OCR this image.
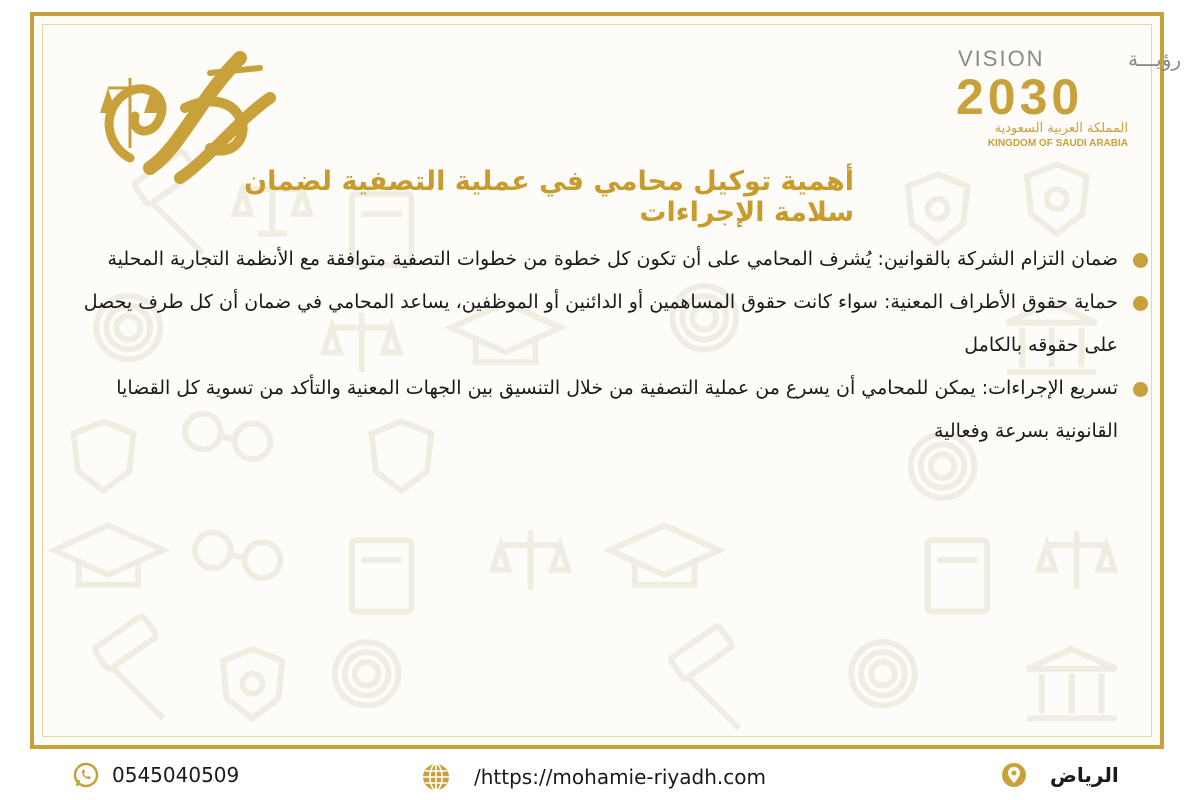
VISION	رؤيـــة
2030
المملكة العربية السعودية
KINGDOM OF SAUDI ARABIA
أهمية توكيل محامي في عملية التصفية لضمان سلامة الإجراءات
ضمان التزام الشركة بالقوانين: يُشرف المحامي على أن تكون كل خطوة من خطوات التصفية متوافقة مع الأنظمة التجارية المحلية
حماية حقوق الأطراف المعنية: سواء كانت حقوق المساهمين أو الدائنين أو الموظفين، يساعد المحامي في ضمان أن كل طرف يحصل على حقوقه بالكامل
تسريع الإجراءات: يمكن للمحامي أن يسرع من عملية التصفية من خلال التنسيق بين الجهات المعنية والتأكد من تسوية كل القضايا القانونية بسرعة وفعالية
0545040509	/https://mohamie-riyadh.com	الرياض
